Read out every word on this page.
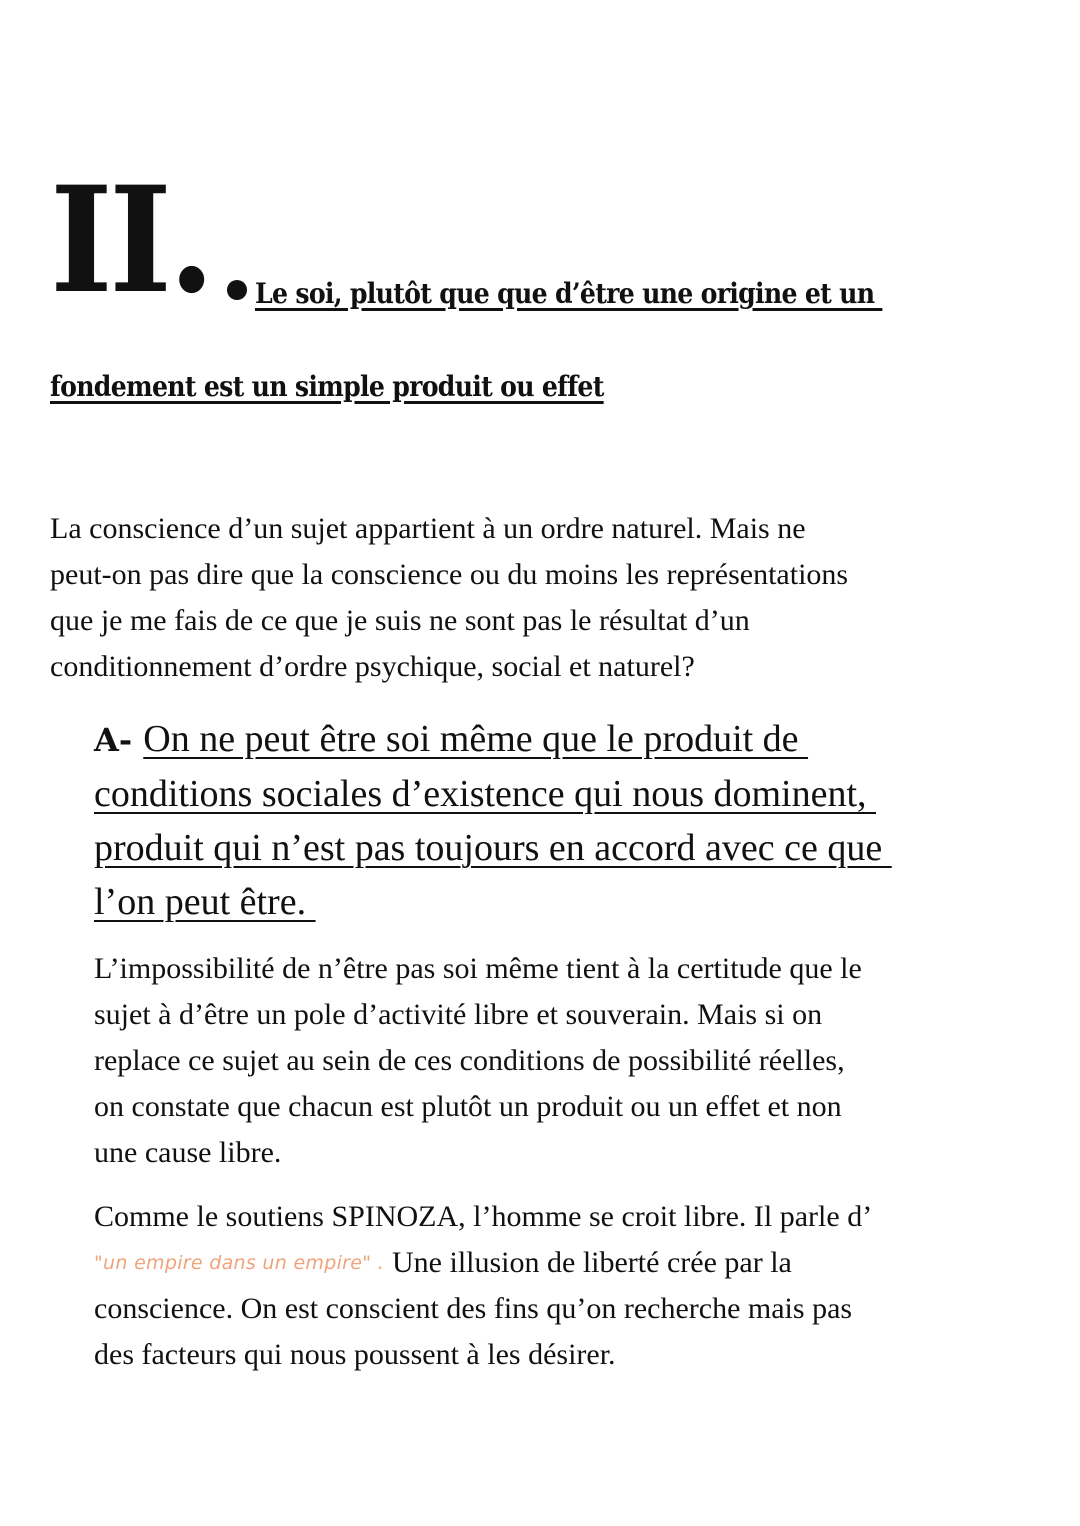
II. Le soi, plutôt que que d’être une origine et un
fondement est un simple produit ou effet

La conscience d’un sujet appartient à un ordre naturel. Mais ne
peut-on pas dire que la conscience ou du moins les représentations
que je me fais de ce que je suis ne sont pas le résultat d’un
conditionnement d’ordre psychique, social et naturel?

A- On ne peut être soi même que le produit de
conditions sociales d’existence qui nous dominent,
produit qui n’est pas toujours en accord avec ce que
l’on peut être.

L’impossibilité de n’être pas soi même tient à la certitude que le
sujet à d’être un pole d’activité libre et souverain. Mais si on
replace ce sujet au sein de ces conditions de possibilité réelles,
on constate que chacun est plutôt un produit ou un effet et non
une cause libre.

Comme le soutiens SPINOZA, l’homme se croit libre. Il parle d’
"un empire dans un empire" . Une illusion de liberté crée par la
conscience. On est conscient des fins qu’on recherche mais pas
des facteurs qui nous poussent à les désirer.
